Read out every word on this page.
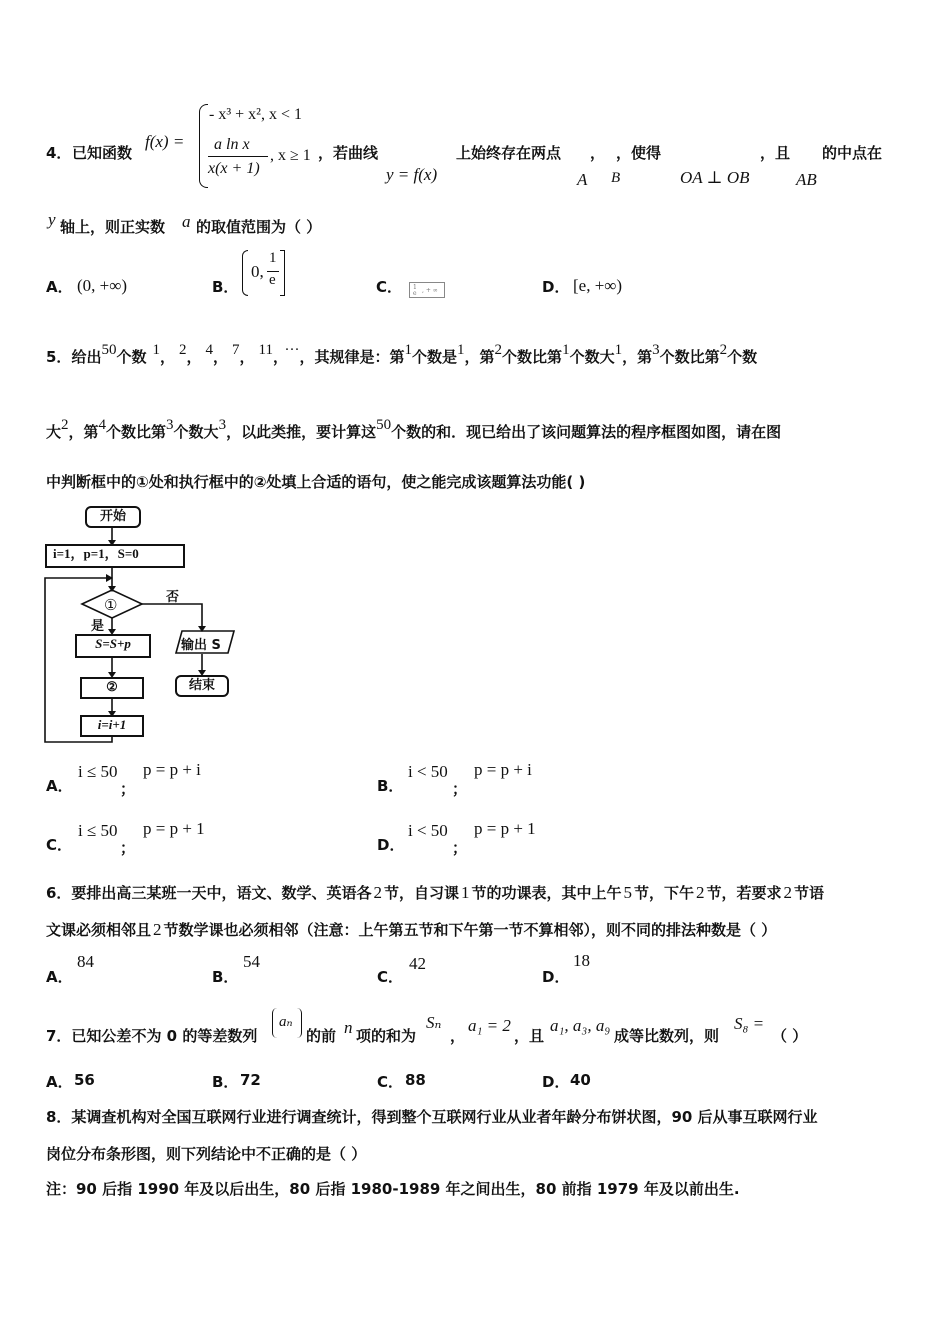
4． 已知函数
f(x) =
- x³ + x², x < 1
a ln x
x(x + 1)
, x ≥ 1 ，若曲线
y = f(x)
上始终存在两点 ，
A B
，使得
OA ⊥ OB
，且
AB
的中点在
y 轴上，则正实数 a 的取值范围为（ ）
A． (0, +∞)	B．
0,
1
e	C． 1
e , + ∞	D． [e, +∞)
5．给出50个数 1， 2， 4， 7， 11， ···，其规律是：第1个数是1，第2个数比第1个数大1，第3个数比第2个数
大2，第4个数比第3个数大3，以此类推，要计算这50个数的和．现已给出了该问题算法的程序框图如图，请在图
中判断框中的①处和执行框中的②处填上合适的语句，使之能完成该题算法功能( )
开始
i=1，p=1，S=0
①	否
是
S=S+p
②
i=i+1
输出 S
结束
A．
i ≤ 50
；
p = p + i
B．
i < 50
；
p = p + i
C．
i ≤ 50
；
p = p + 1
D．
i < 50
；
p = p + 1
6．要排出高三某班一天中，语文、数学、英语各 2 节，自习课 1 节的功课表，其中上午 5 节，下午 2 节，若要求 2 节语
文课必须相邻且 2 节数学课也必须相邻（注意：上午第五节和下午第一节不算相邻），则不同的排法种数是（ ）
A．
84
B．
54
C．
42
D．
18
7．已知公差不为 0 的等差数列
aₙ
的前 n 项的和为
Sₙ
，
a₁ = 2
，且
a₁, a₃, a₉
成等比数列，则
S₈ =
（ ）
A． 56	B． 72	C． 88	D． 40
8．某调查机构对全国互联网行业进行调查统计，得到整个互联网行业从业者年龄分布饼状图，90 后从事互联网行业
岗位分布条形图，则下列结论中不正确的是（ ）
注：90 后指 1990 年及以后出生，80 后指 1980-1989 年之间出生，80 前指 1979 年及以前出生.
